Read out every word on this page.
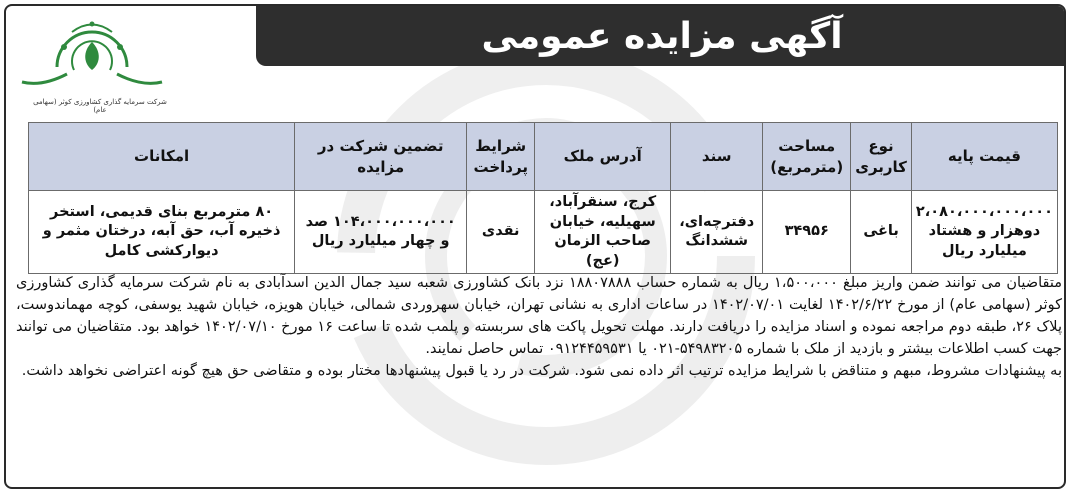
آگهی مزایده عمومی
شرکت سرمایه گذاری کشاورزی کوثر (سهامی عام)
قیمت پایه	نوع کاربری	مساحت (مترمربع)	سند	آدرس ملک	شرایط پرداخت	تضمین شرکت در مزایده	امکانات
۲،۰۸۰،۰۰۰،۰۰۰،۰۰۰ دوهزار و هشتاد میلیارد ریال	باغی	۳۴۹۵۶	دفترچه‌ای، ششدانگ	کرج، سنقرآباد، سهیلیه، خیابان صاحب الزمان (عج)	نقدی	۱۰۴،۰۰۰،۰۰۰،۰۰۰ صد و چهار میلیارد ریال	۸۰ مترمربع بنای قدیمی، استخر ذخیره آب، حق آبه، درختان مثمر و دیوارکشی کامل

متقاضیان می توانند ضمن واریز مبلغ ۱،۵۰۰،۰۰۰ ریال به شماره حساب ۱۸۸۰۷۸۸۸ نزد بانک کشاورزی شعبه سید جمال الدین اسدآبادی به نام شرکت سرمایه گذاری کشاورزی کوثر (سهامی عام) از مورخ ۱۴۰۲/۶/۲۲ لغایت ۱۴۰۲/۰۷/۰۱ در ساعات اداری به نشانی تهران، خیابان سهروردی شمالی، خیابان هویزه، خیابان شهید یوسفی، کوچه مهماندوست، پلاک ۲۶، طبقه دوم مراجعه نموده و اسناد مزایده را دریافت دارند. مهلت تحویل پاکت های سربسته و پلمب شده تا ساعت ۱۶ مورخ ۱۴۰۲/۰۷/۱۰ خواهد بود. متقاضیان می توانند جهت کسب اطلاعات بیشتر و بازدید از ملک با شماره ۵۴۹۸۳۲۰۵-۰۲۱ یا ۰۹۱۲۴۴۵۹۵۳۱ تماس حاصل نمایند.

به پیشنهادات مشروط، مبهم و متناقض با شرایط مزایده ترتیب اثر داده نمی شود. شرکت در رد یا قبول پیشنهادها مختار بوده و متقاضی حق هیچ گونه اعتراضی نخواهد داشت.
